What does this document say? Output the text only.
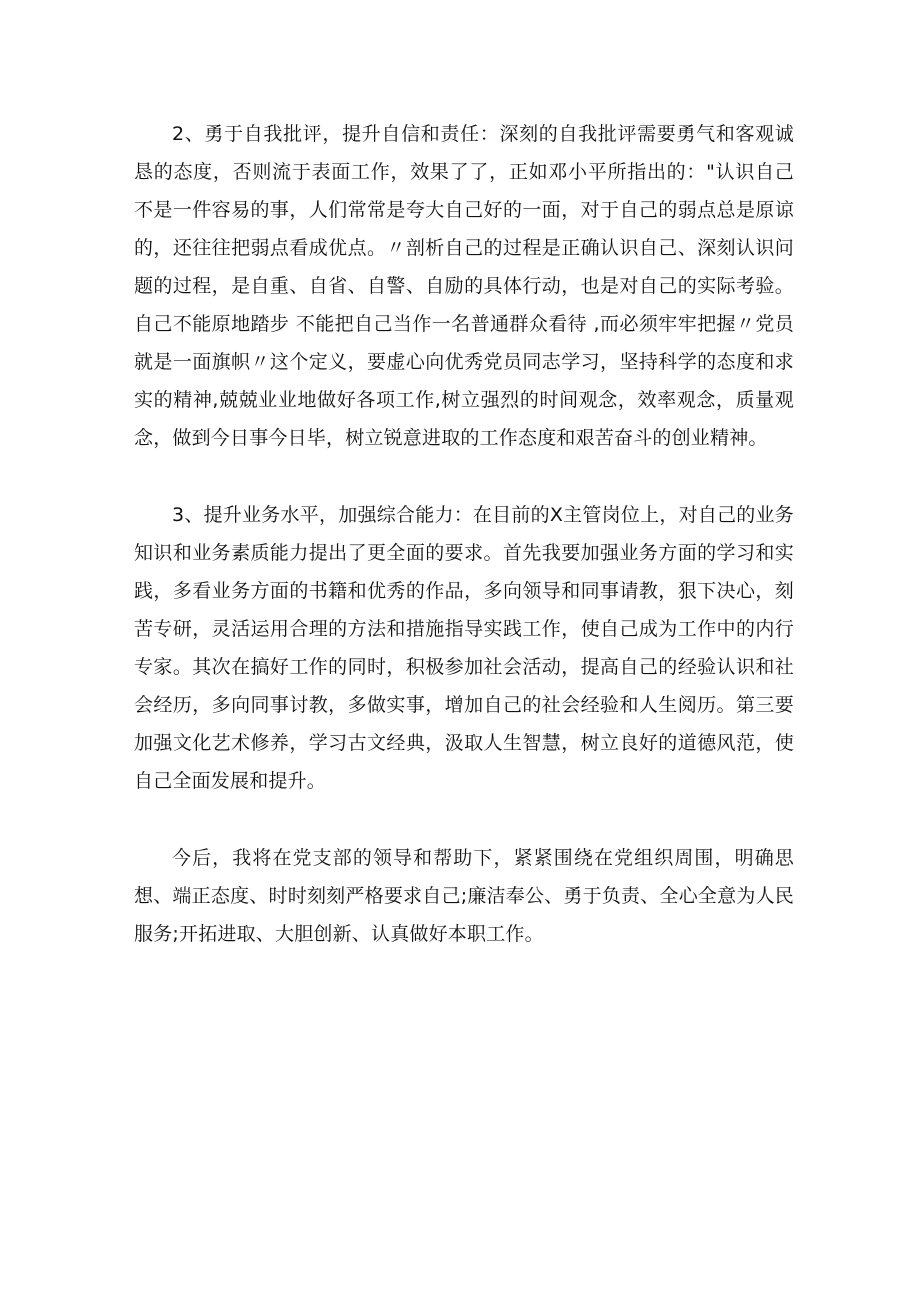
2、勇于自我批评，提升自信和责任：深刻的自我批评需要勇气和客观诚恳的态度，否则流于表面工作，效果了了，正如邓小平所指出的："认识自己不是一件容易的事，人们常常是夸大自己好的一面，对于自己的弱点总是原谅的，还往往把弱点看成优点。〃剖析自己的过程是正确认识自己、深刻认识问题的过程，是自重、自省、自警、自励的具体行动，也是对自己的实际考验。自己不能原地踏步 不能把自己当作一名普通群众看待 ,而必须牢牢把握〃党员就是一面旗帜〃这个定义，要虚心向优秀党员同志学习，坚持科学的态度和求实的精神,兢兢业业地做好各项工作,树立强烈的时间观念，效率观念，质量观念，做到今日事今日毕，树立锐意进取的工作态度和艰苦奋斗的创业精神。

3、提升业务水平，加强综合能力：在目前的X主管岗位上，对自己的业务知识和业务素质能力提出了更全面的要求。首先我要加强业务方面的学习和实践，多看业务方面的书籍和优秀的作品，多向领导和同事请教，狠下决心，刻苦专研，灵活运用合理的方法和措施指导实践工作，使自己成为工作中的内行专家。其次在搞好工作的同时，积极参加社会活动，提高自己的经验认识和社会经历，多向同事讨教，多做实事，增加自己的社会经验和人生阅历。第三要加强文化艺术修养，学习古文经典，汲取人生智慧，树立良好的道德风范，使自己全面发展和提升。

今后，我将在党支部的领导和帮助下，紧紧围绕在党组织周围，明确思想、端正态度、时时刻刻严格要求自己;廉洁奉公、勇于负责、全心全意为人民服务;开拓进取、大胆创新、认真做好本职工作。
